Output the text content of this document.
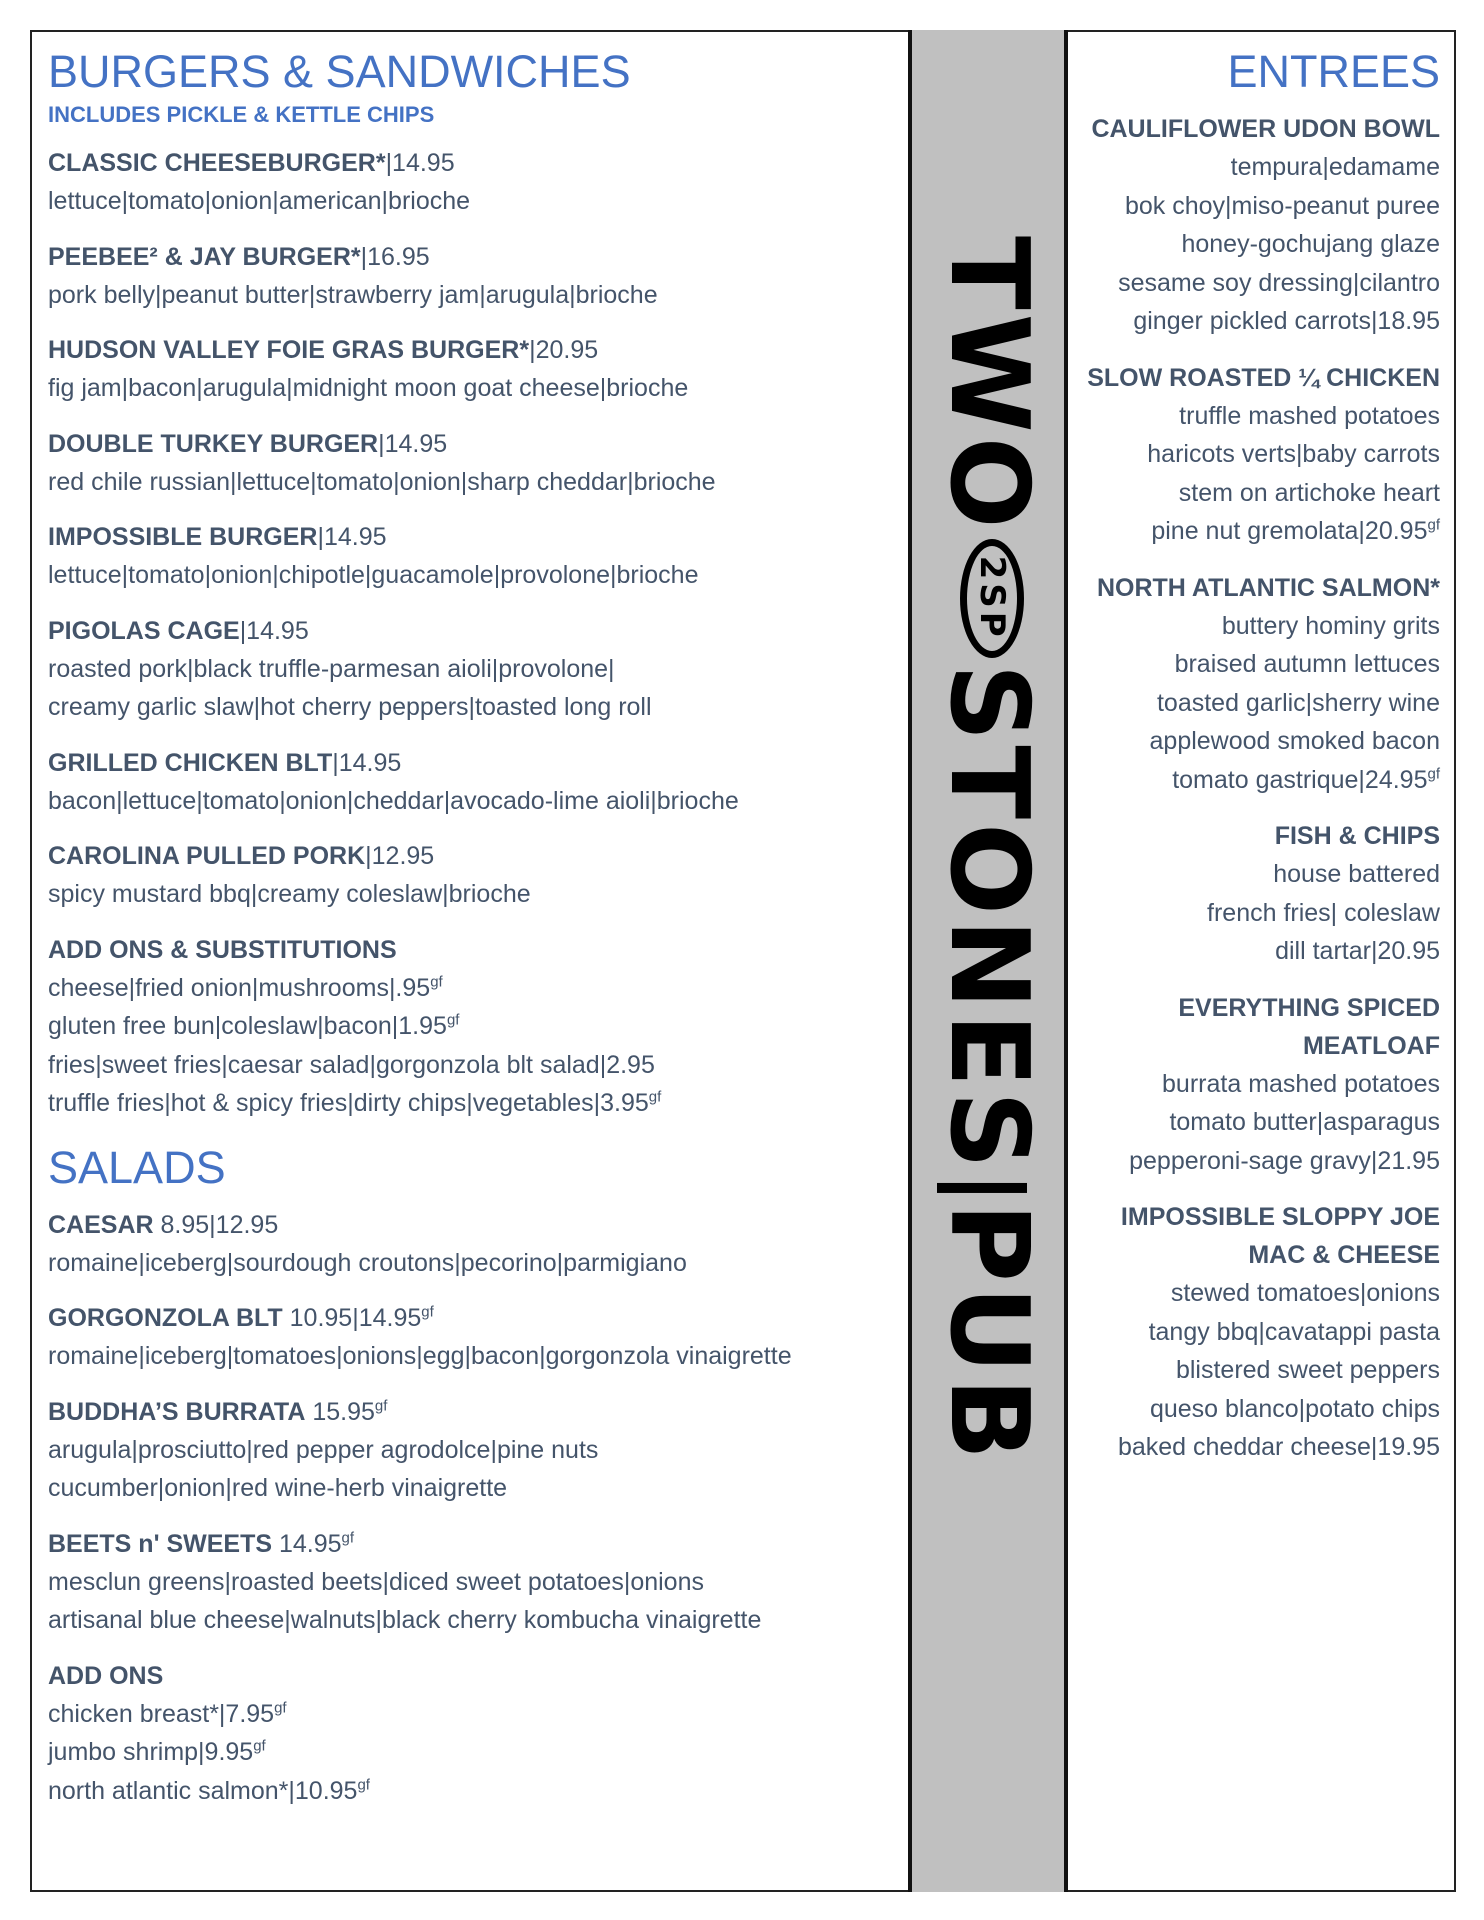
BURGERS & SANDWICHES
INCLUDES PICKLE & KETTLE CHIPS
CLASSIC CHEESEBURGER*|14.95
lettuce|tomato|onion|american|brioche
PEEBEE² & JAY BURGER*|16.95
pork belly|peanut butter|strawberry jam|arugula|brioche
HUDSON VALLEY FOIE GRAS BURGER*|20.95
fig jam|bacon|arugula|midnight moon goat cheese|brioche
DOUBLE TURKEY BURGER|14.95
red chile russian|lettuce|tomato|onion|sharp cheddar|brioche
IMPOSSIBLE BURGER|14.95
lettuce|tomato|onion|chipotle|guacamole|provolone|brioche
PIGOLAS CAGE|14.95
roasted pork|black truffle-parmesan aioli|provolone|
creamy garlic slaw|hot cherry peppers|toasted long roll
GRILLED CHICKEN BLT|14.95
bacon|lettuce|tomato|onion|cheddar|avocado-lime aioli|brioche
CAROLINA PULLED PORK|12.95
spicy mustard bbq|creamy coleslaw|brioche
ADD ONS & SUBSTITUTIONS
cheese|fried onion|mushrooms|.95$^{gf}$
gluten free bun|coleslaw|bacon|1.95$^{gf}$
fries|sweet fries|caesar salad|gorgonzola blt salad|2.95
truffle fries|hot & spicy fries|dirty chips|vegetables|3.95$^{gf}$
SALADS
CAESAR 8.95|12.95
romaine|iceberg|sourdough croutons|pecorino|parmigiano
GORGONZOLA BLT 10.95|14.95$^{gf}$
romaine|iceberg|tomatoes|onions|egg|bacon|gorgonzola vinaigrette
BUDDHA’S BURRATA 15.95$^{gf}$
arugula|prosciutto|red pepper agrodolce|pine nuts
cucumber|onion|red wine-herb vinaigrette
BEETS n' SWEETS 14.95$^{gf}$
mesclun greens|roasted beets|diced sweet potatoes|onions
artisanal blue cheese|walnuts|black cherry kombucha vinaigrette
ADD ONS
chicken breast*|7.95$^{gf}$
jumbo shrimp|9.95$^{gf}$
north atlantic salmon*|10.95$^{gf}$
TWO2SPSTONESPUB
ENTREES
CAULIFLOWER UDON BOWL
tempura|edamame
bok choy|miso-peanut puree
honey-gochujang glaze
sesame soy dressing|cilantro
ginger pickled carrots|18.95
SLOW ROASTED ¼ CHICKEN
truffle mashed potatoes
haricots verts|baby carrots
stem on artichoke heart
pine nut gremolata|20.95$^{gf}$
NORTH ATLANTIC SALMON*
buttery hominy grits
braised autumn lettuces
toasted garlic|sherry wine
applewood smoked bacon
tomato gastrique|24.95$^{gf}$
FISH & CHIPS
house battered
french fries| coleslaw
dill tartar|20.95
EVERYTHING SPICED
MEATLOAF
burrata mashed potatoes
tomato butter|asparagus
pepperoni-sage gravy|21.95
IMPOSSIBLE SLOPPY JOE
MAC & CHEESE
stewed tomatoes|onions
tangy bbq|cavatappi pasta
blistered sweet peppers
queso blanco|potato chips
baked cheddar cheese|19.95
